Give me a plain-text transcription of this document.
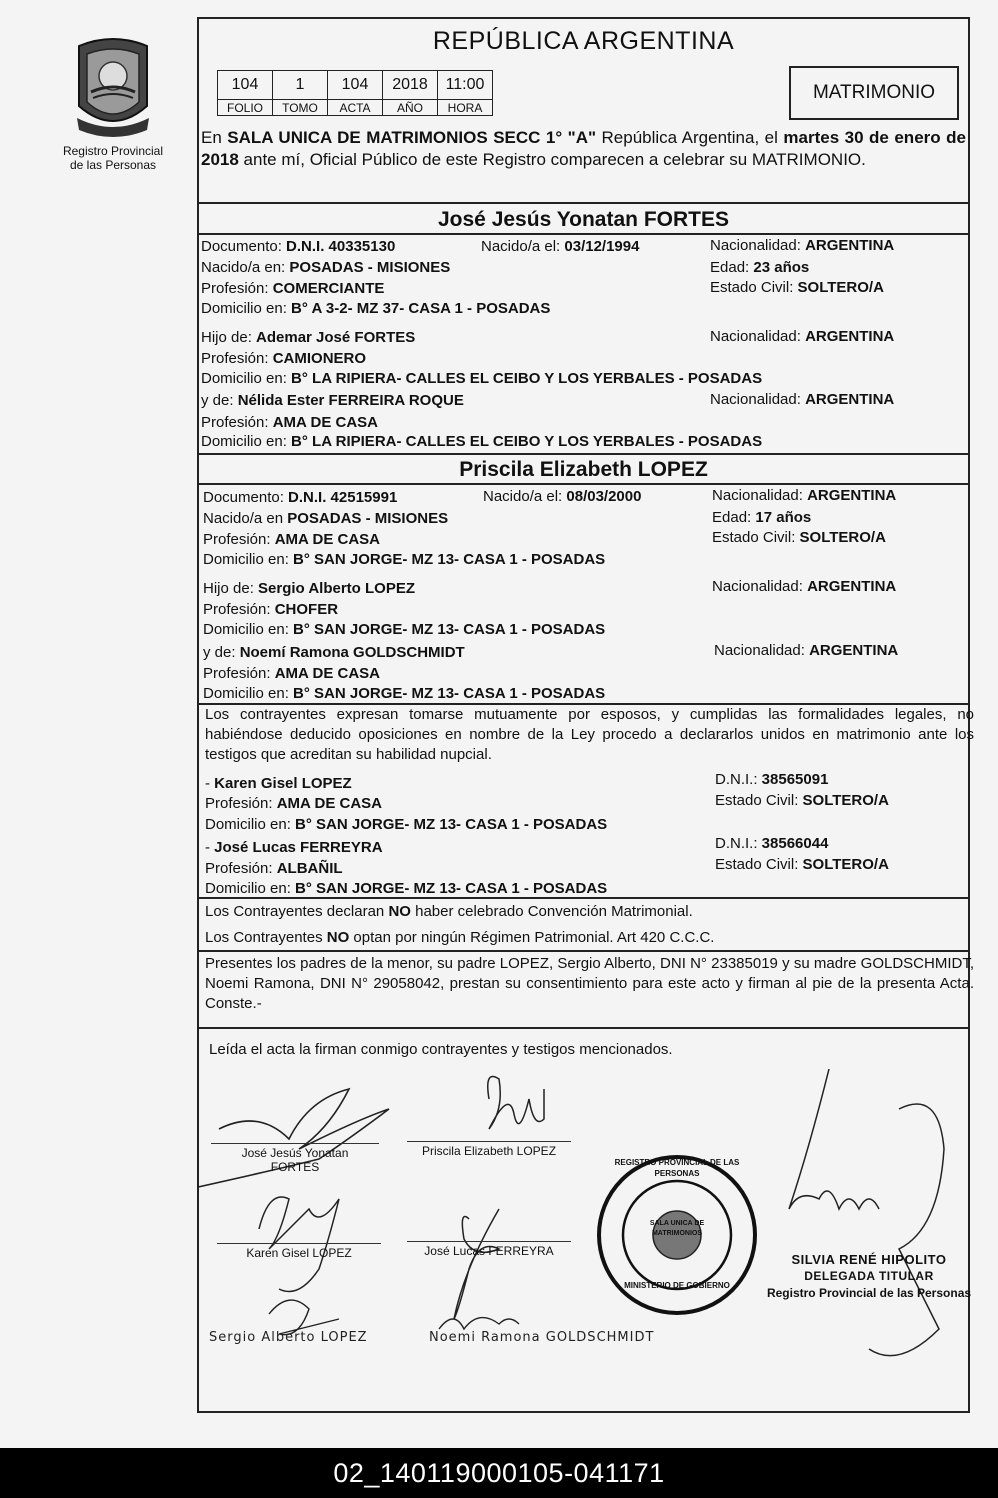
Registro Provincial
de las Personas
REPÚBLICA ARGENTINA
104	1	104	2018	11:00
FOLIO	TOMO	ACTA	AÑO	HORA
MATRIMONIO
En SALA UNICA DE MATRIMONIOS SECC 1° "A" República Argentina, el martes 30 de enero de 2018 ante mí, Oficial Público de este Registro comparecen a celebrar su MATRIMONIO.
José Jesús Yonatan FORTES
Documento: D.N.I. 40335130	Nacido/a el: 03/12/1994	Nacionalidad: ARGENTINA
Nacido/a en: POSADAS - MISIONES	Edad: 23 años
Profesión: COMERCIANTE	Estado Civil: SOLTERO/A
Domicilio en: B° A 3-2- MZ 37- CASA 1 - POSADAS
Hijo de: Ademar José FORTES	Nacionalidad: ARGENTINA
Profesión: CAMIONERO
Domicilio en: B° LA RIPIERA- CALLES EL CEIBO Y LOS YERBALES - POSADAS
y de: Nélida Ester FERREIRA ROQUE	Nacionalidad: ARGENTINA
Profesión: AMA DE CASA
Domicilio en: B° LA RIPIERA- CALLES EL CEIBO Y LOS YERBALES - POSADAS
Priscila Elizabeth LOPEZ
Documento: D.N.I. 42515991	Nacido/a el: 08/03/2000	Nacionalidad: ARGENTINA
Nacido/a en POSADAS - MISIONES	Edad: 17 años
Profesión: AMA DE CASA	Estado Civil: SOLTERO/A
Domicilio en: B° SAN JORGE- MZ 13- CASA 1 - POSADAS
Hijo de: Sergio Alberto LOPEZ	Nacionalidad: ARGENTINA
Profesión: CHOFER
Domicilio en: B° SAN JORGE- MZ 13- CASA 1 - POSADAS
y de: Noemí Ramona GOLDSCHMIDT	Nacionalidad: ARGENTINA
Profesión: AMA DE CASA
Domicilio en: B° SAN JORGE- MZ 13- CASA 1 - POSADAS
Los contrayentes expresan tomarse mutuamente por esposos, y cumplidas las formalidades legales, no habiéndose deducido oposiciones en nombre de la Ley procedo a declararlos unidos en matrimonio ante los testigos que acreditan su habilidad nupcial.
- Karen Gisel LOPEZ	D.N.I.: 38565091
Profesión: AMA DE CASA	Estado Civil: SOLTERO/A
Domicilio en: B° SAN JORGE- MZ 13- CASA 1 - POSADAS
- José Lucas FERREYRA	D.N.I.: 38566044
Profesión: ALBAÑIL	Estado Civil: SOLTERO/A
Domicilio en: B° SAN JORGE- MZ 13- CASA 1 - POSADAS
Los Contrayentes declaran NO haber celebrado Convención Matrimonial.
Los Contrayentes NO optan por ningún Régimen Patrimonial. Art 420 C.C.C.
Presentes los padres de la menor, su padre LOPEZ, Sergio Alberto, DNI N° 23385019 y su madre GOLDSCHMIDT, Noemi Ramona, DNI N° 29058042, prestan su consentimiento para este acto y firman al pie de la presenta Acta. Conste.-
Leída el acta la firman conmigo contrayentes y testigos mencionados.
José Jesús Yonatan
FORTES
Priscila Elizabeth LOPEZ
Karen Gisel LOPEZ	José Lucas FERREYRA
Sergio Alberto LOPEZ	Noemi Ramona GOLDSCHMIDT
REGISTRO PROVINCIAL DE LAS PERSONAS
SALA UNICA DE MATRIMONIOS
MINISTERIO DE GOBIERNO
SILVIA RENÉ HIPOLITO
DELEGADA TITULAR
Registro Provincial de las Personas
02_140119000105-041171
